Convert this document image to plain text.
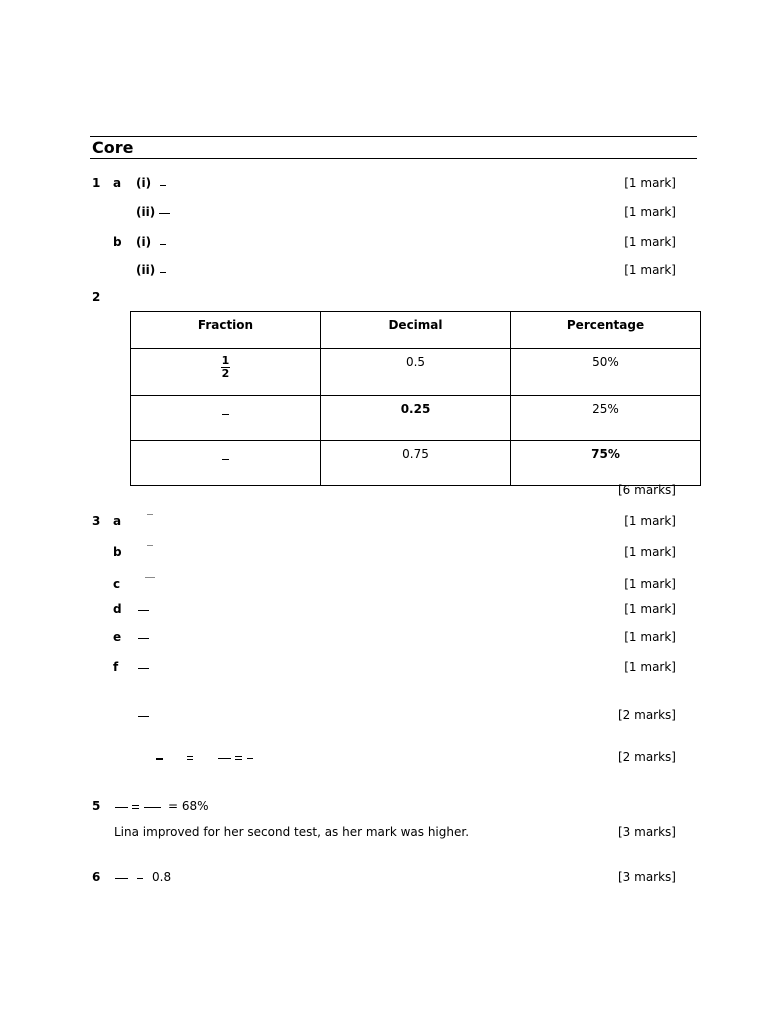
Core
1 a (i)	[1 mark]
(ii)	[1 mark]
b (i)	[1 mark]
(ii)	[1 mark]
2
Fraction	Decimal	Percentage

$\frac{1}{2}$	0.5	50%
	0.25	25%
	0.75	75%
[6 marks]
3 a	[1 mark]
b	[1 mark]
c	[1 mark]
d	[1 mark]
e	[1 mark]
f	[1 mark]
[2 marks]
[2 marks]
5	= 68%
Lina improved for her second test, as her mark was higher.	[3 marks]
6	0.8	[3 marks]
